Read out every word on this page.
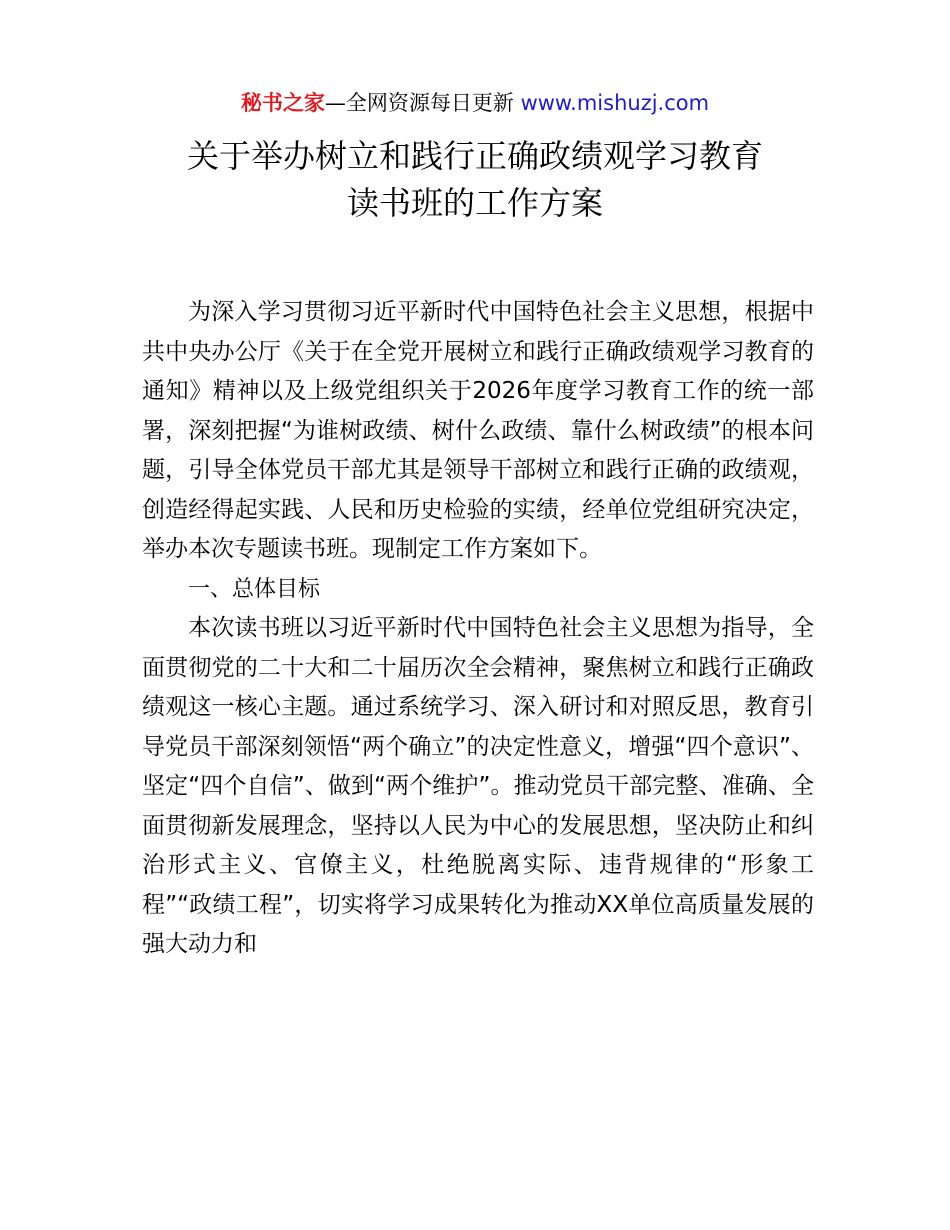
秘书之家—全网资源每日更新 www.mishuzj.com
关于举办树立和践行正确政绩观学习教育
读书班的工作方案

为深入学习贯彻习近平新时代中国特色社会主义思想，根据中共中央办公厅《关于在全党开展树立和践行正确政绩观学习教育的通知》精神以及上级党组织关于2026年度学习教育工作的统一部署，深刻把握“为谁树政绩、树什么政绩、靠什么树政绩”的根本问题，引导全体党员干部尤其是领导干部树立和践行正确的政绩观，创造经得起实践、人民和历史检验的实绩，经单位党组研究决定，举办本次专题读书班。现制定工作方案如下。

一、总体目标

本次读书班以习近平新时代中国特色社会主义思想为指导，全面贯彻党的二十大和二十届历次全会精神，聚焦树立和践行正确政绩观这一核心主题。通过系统学习、深入研讨和对照反思，教育引导党员干部深刻领悟“两个确立”的决定性意义，增强“四个意识”、坚定“四个自信”、做到“两个维护”。推动党员干部完整、准确、全面贯彻新发展理念，坚持以人民为中心的发展思想，坚决防止和纠治形式主义、官僚主义，杜绝脱离实际、违背规律的“形象工程”“政绩工程”，切实将学习成果转化为推动XX单位高质量发展的强大动力和
